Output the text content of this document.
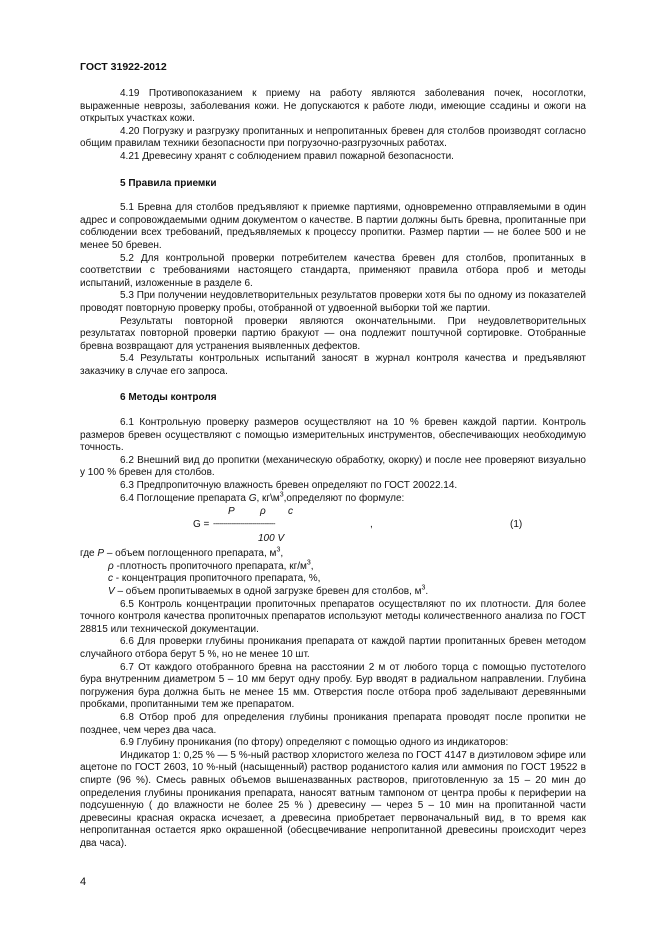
ГОСТ 31922-2012

4.19 Противопоказанием к приему на работу являются заболевания почек, носоглотки, выраженные неврозы, заболевания кожи. Не допускаются к работе люди, имеющие ссадины и ожоги на открытых участках кожи.

4.20 Погрузку и разгрузку пропитанных и непропитанных бревен для столбов производят согласно общим правилам техники безопасности при погрузочно-разгрузочных работах.

4.21 Древесину хранят с соблюдением правил пожарной безопасности.

5 Правила приемки

5.1 Бревна для столбов предъявляют к приемке партиями, одновременно отправляемыми в один адрес и сопровождаемыми одним документом о качестве. В партии должны быть бревна, пропитанные при соблюдении всех требований, предъявляемых к процессу пропитки. Размер партии — не более 500 и не менее 50 бревен.

5.2 Для контрольной проверки потребителем качества бревен для столбов, пропитанных в соответствии с требованиями настоящего стандарта, применяют правила отбора проб и методы испытаний, изложенные в разделе 6.

5.3 При получении неудовлетворительных результатов проверки хотя бы по одному из показателей проводят повторную проверку пробы, отобранной от удвоенной выборки той же партии.

Результаты повторной проверки являются окончательными. При неудовлетворительных результатах повторной проверки партию бракуют — она подлежит поштучной сортировке. Отобранные бревна возвращают для устранения выявленных дефектов.

5.4 Результаты контрольных испытаний заносят в журнал контроля качества и предъявляют заказчику в случае его запроса.

6 Методы контроля

6.1 Контрольную проверку размеров осуществляют на 10 % бревен каждой партии. Контроль размеров бревен осуществляют с помощью измерительных инструментов, обеспечивающих необходимую точность.

6.2 Внешний вид до пропитки (механическую обработку, окорку) и после нее проверяют визуально у 100 % бревен для столбов.

6.3 Предпропиточную влажность бревен определяют по ГОСТ 20022.14.

6.4 Поглощение препарата G, $кг\backslash м^3,определяют$ по формуле:

P	ρ c
G = ------------------------------	,
100 V
(1)

где P – объем поглощенного препарата, $м^3$,

ρ -плотность пропиточного препарата, $кг/м^3$,

с - концентрация пропиточного препарата, %,

V – объем пропитываемых в одной загрузке бревен для столбов, $м^3$.

6.5 Контроль концентрации пропиточных препаратов осуществляют по их плотности. Для более точного контроля качества пропиточных препаратов используют методы количественного анализа по ГОСТ 28815 или технической документации.

6.6 Для проверки глубины проникания препарата от каждой партии пропитанных бревен методом случайного отбора берут 5 %, но не менее 10 шт.

6.7 От каждого отобранного бревна на расстоянии 2 м от любого торца с помощью пустотелого бура внутренним диаметром 5 – 10 мм берут одну пробу. Бур вводят в радиальном направлении. Глубина погружения бура должна быть не менее 15 мм. Отверстия после отбора проб заделывают деревянными пробками, пропитанными тем же препаратом.

6.8 Отбор проб для определения глубины проникания препарата проводят после пропитки не позднее, чем через два часа.

6.9 Глубину проникания (по фтору) определяют с помощью одного из индикаторов:

Индикатор 1: 0,25 % — 5 %-ный раствор хлористого железа по ГОСТ 4147 в диэтиловом эфире или ацетоне по ГОСТ 2603, 10 %-ный (насыщенный) раствор роданистого калия или аммония по ГОСТ 19522 в спирте (96 %). Смесь равных объемов вышеназванных растворов, приготовленную за 15 – 20 мин до определения глубины проникания препарата, наносят ватным тампоном от центра пробы к периферии на подсушенную ( до влажности не более 25 % ) древесину — через 5 – 10 мин на пропитанной части древесины красная окраска исчезает, а древесина приобретает первоначальный вид, в то время как непропитанная остается ярко окрашенной (обесцвечивание непропитанной древесины происходит через два часа).

4
